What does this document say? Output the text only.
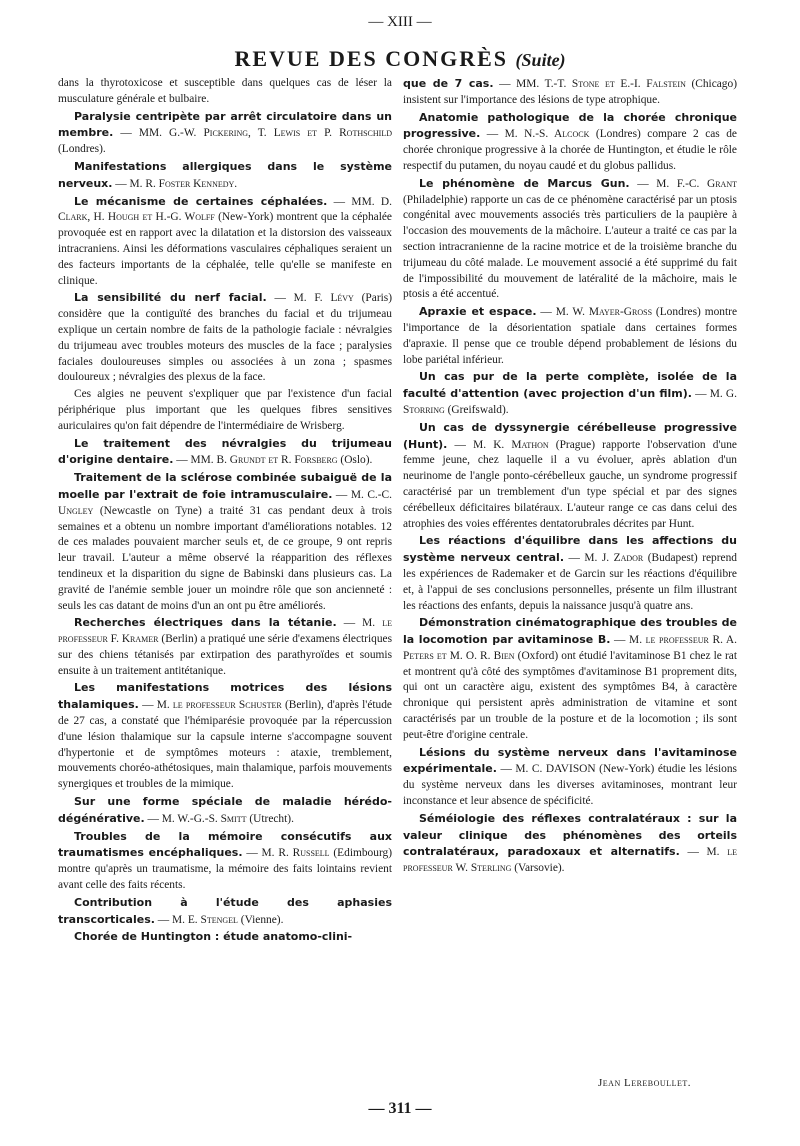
— XIII —
REVUE DES CONGRÈS (Suite)

dans la thyrotoxicose et susceptible dans quelques cas de léser la musculature générale et bulbaire.

Paralysie centripète par arrêt circulatoire dans un membre. — MM. G.-W. Pickering, T. Lewis et P. Rothschild (Londres).

Manifestations allergiques dans le système nerveux. — M. R. Foster Kennedy.

Le mécanisme de certaines céphalées. — MM. D. Clark, H. Hough et H.-G. Wolff (New-York) montrent que la céphalée provoquée est en rapport avec la dilatation et la distorsion des vaisseaux intracraniens. Ainsi les déformations vasculaires céphaliques seraient un des facteurs importants de la céphalée, telle qu'elle se manifeste en clinique.

La sensibilité du nerf facial. — M. F. Lévy (Paris) considère que la contiguïté des branches du facial et du trijumeau explique un certain nombre de faits de la pathologie faciale : névralgies du trijumeau avec troubles moteurs des muscles de la face ; paralysies faciales douloureuses simples ou associées à un zona ; spasmes douloureux ; névralgies des plexus de la face.

Ces algies ne peuvent s'expliquer que par l'existence d'un facial périphérique plus important que les quelques fibres sensitives auriculaires qu'on fait dépendre de l'intermédiaire de Wrisberg.

Le traitement des névralgies du trijumeau d'origine dentaire. — MM. B. Grundt et R. Forsberg (Oslo).

Traitement de la sclérose combinée subaiguë de la moelle par l'extrait de foie intramusculaire. — M. C.-C. Ungley (Newcastle on Tyne) a traité 31 cas pendant deux à trois semaines et a obtenu un nombre important d'améliorations notables. 12 de ces malades pouvaient marcher seuls et, de ce groupe, 9 ont repris leur travail. L'auteur a même observé la réapparition des réflexes tendineux et la disparition du signe de Babinski dans plusieurs cas. La gravité de l'anémie semble jouer un moindre rôle que son ancienneté : seuls les cas datant de moins d'un an ont pu être améliorés.

Recherches électriques dans la tétanie. — M. le professeur F. Kramer (Berlin) a pratiqué une série d'examens électriques sur des chiens tétanisés par extirpation des parathyroïdes et soumis ensuite à un traitement antitétanique.

Les manifestations motrices des lésions thalamiques. — M. le professeur Schuster (Berlin), d'après l'étude de 27 cas, a constaté que l'hémiparésie provoquée par la répercussion d'une lésion thalamique sur la capsule interne s'accompagne souvent d'hypertonie et de symptômes moteurs : ataxie, tremblement, mouvements choréo-athétosiques, main thalamique, parfois mouvements synergiques et troubles de la mimique.

Sur une forme spéciale de maladie hérédo-dégénérative. — M. W.-G.-S. Smitt (Utrecht).

Troubles de la mémoire consécutifs aux traumatismes encéphaliques. — M. R. Russell (Edimbourg) montre qu'après un traumatisme, la mémoire des faits lointains revient avant celle des faits récents.

Contribution à l'étude des aphasies transcorticales. — M. E. Stengel (Vienne).

Chorée de Huntington : étude anatomo-clini-

que de 7 cas. — MM. T.-T. Stone et E.-I. Falstein (Chicago) insistent sur l'importance des lésions de type atrophique.

Anatomie pathologique de la chorée chronique progressive. — M. N.-S. Alcock (Londres) compare 2 cas de chorée chronique progressive à la chorée de Huntington, et étudie le rôle respectif du putamen, du noyau caudé et du globus pallidus.

Le phénomène de Marcus Gun. — M. F.-C. Grant (Philadelphie) rapporte un cas de ce phénomène caractérisé par un ptosis congénital avec mouvements associés très particuliers de la paupière à l'occasion des mouvements de la mâchoire. L'auteur a traité ce cas par la section intracranienne de la racine motrice et de la troisième branche du trijumeau du côté malade. Le mouvement associé a été supprimé du fait de l'impossibilité du mouvement de latéralité de la mâchoire, mais le ptosis a été accentué.

Apraxie et espace. — M. W. Mayer-Gross (Londres) montre l'importance de la désorientation spatiale dans certaines formes d'apraxie. Il pense que ce trouble dépend probablement de lésions du lobe pariétal inférieur.

Un cas pur de la perte complète, isolée de la faculté d'attention (avec projection d'un film). — M. G. Storring (Greifswald).

Un cas de dyssynergie cérébelleuse progressive (Hunt). — M. K. Mathon (Prague) rapporte l'observation d'une femme jeune, chez laquelle il a vu évoluer, après ablation d'un neurinome de l'angle ponto-cérébelleux gauche, un syndrome progressif caractérisé par un tremblement d'un type spécial et par des signes cérébelleux déficitaires bilatéraux. L'auteur range ce cas dans celui des atrophies des voies efférentes dentatorubrales décrites par Hunt.

Les réactions d'équilibre dans les affections du système nerveux central. — M. J. Zador (Budapest) reprend les expériences de Rademaker et de Garcin sur les réactions d'équilibre et, à l'appui de ses conclusions personnelles, présente un film illustrant les réactions des enfants, depuis la naissance jusqu'à quatre ans.

Démonstration cinématographique des troubles de la locomotion par avitaminose B. — M. le professeur R. A. Peters et M. O. R. Bien (Oxford) ont étudié l'avitaminose B1 chez le rat et montrent qu'à côté des symptômes d'avitaminose B1 proprement dits, qui ont un caractère aigu, existent des symptômes B4, à caractère chronique qui persistent après administration de vitamine et sont caractérisés par un trouble de la posture et de la locomotion ; ils sont peut-être d'origine centrale.

Lésions du système nerveux dans l'avitaminose expérimentale. — M. C. DAVISON (New-York) étudie les lésions du système nerveux dans les diverses avitaminoses, montrant leur inconstance et leur absence de spécificité.

Séméiologie des réflexes contralatéraux : sur la valeur clinique des phénomènes des orteils contralatéraux, paradoxaux et alternatifs. — M. le professeur W. Sterling (Varsovie).

Jean Lereboullet.
— 311 —
